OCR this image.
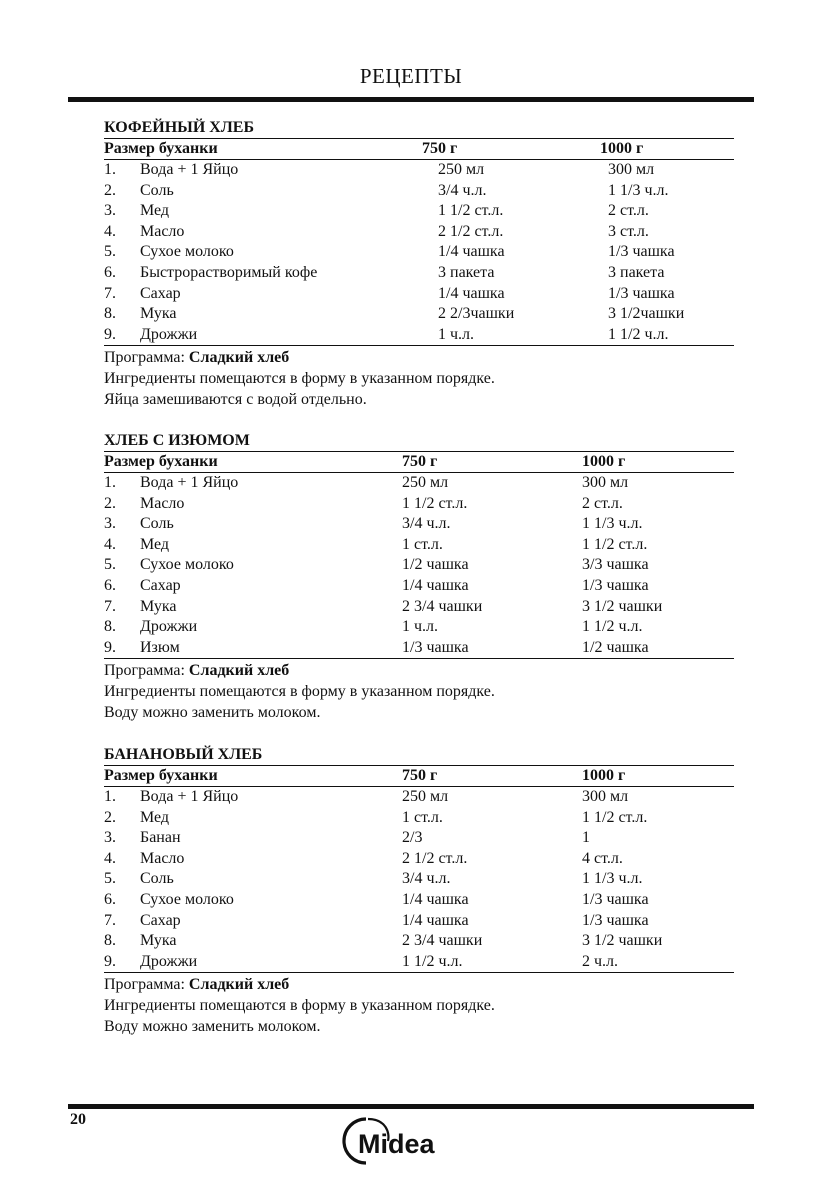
РЕЦЕПТЫ
КОФЕЙНЫЙ ХЛЕБ
Размер буханки	750 г	1000 г
1. Вода + 1 Яйцо	250 мл	300 мл
2. Соль	3/4 ч.л.	1 1/3 ч.л.
3. Мед	1 1/2 ст.л.	2 ст.л.
4. Масло	2 1/2 ст.л.	3 ст.л.
5. Сухое молоко	1/4 чашка	1/3 чашка
6. Быстрорастворимый кофе	3 пакета	3 пакета
7. Сахар	1/4 чашка	1/3 чашка
8. Мука	2 2/3чашки	3 1/2чашки
9. Дрожжи	1 ч.л.	1 1/2 ч.л.
Программа: Сладкий хлеб
Ингредиенты помещаются в форму в указанном порядке.
Яйца замешиваются с водой отдельно.
ХЛЕБ С ИЗЮМОМ
Размер буханки	750 г	1000 г
1. Вода + 1 Яйцо	250 мл	300 мл
2. Масло	1 1/2 ст.л.	2 ст.л.
3. Соль	3/4 ч.л.	1 1/3 ч.л.
4. Мед	1 ст.л.	1 1/2 ст.л.
5. Сухое молоко	1/2 чашка	3/3 чашка
6. Сахар	1/4 чашка	1/3 чашка
7. Мука	2 3/4 чашки	3 1/2 чашки
8. Дрожжи	1 ч.л.	1 1/2 ч.л.
9. Изюм	1/3 чашка	1/2 чашка
Программа: Сладкий хлеб
Ингредиенты помещаются в форму в указанном порядке.
Воду можно заменить молоком.
БАНАНОВЫЙ ХЛЕБ
Размер буханки	750 г	1000 г
1. Вода + 1 Яйцо	250 мл	300 мл
2. Мед	1 ст.л.	1 1/2 ст.л.
3. Банан	2/3	1
4. Масло	2 1/2 ст.л.	4 ст.л.
5. Соль	3/4 ч.л.	1 1/3 ч.л.
6. Сухое молоко	1/4 чашка	1/3 чашка
7. Сахар	1/4 чашка	1/3 чашка
8. Мука	2 3/4 чашки	3 1/2 чашки
9. Дрожжи	1 1/2 ч.л.	2 ч.л.
Программа: Сладкий хлеб
Ингредиенты помещаются в форму в указанном порядке.
Воду можно заменить молоком.
20
Midea
